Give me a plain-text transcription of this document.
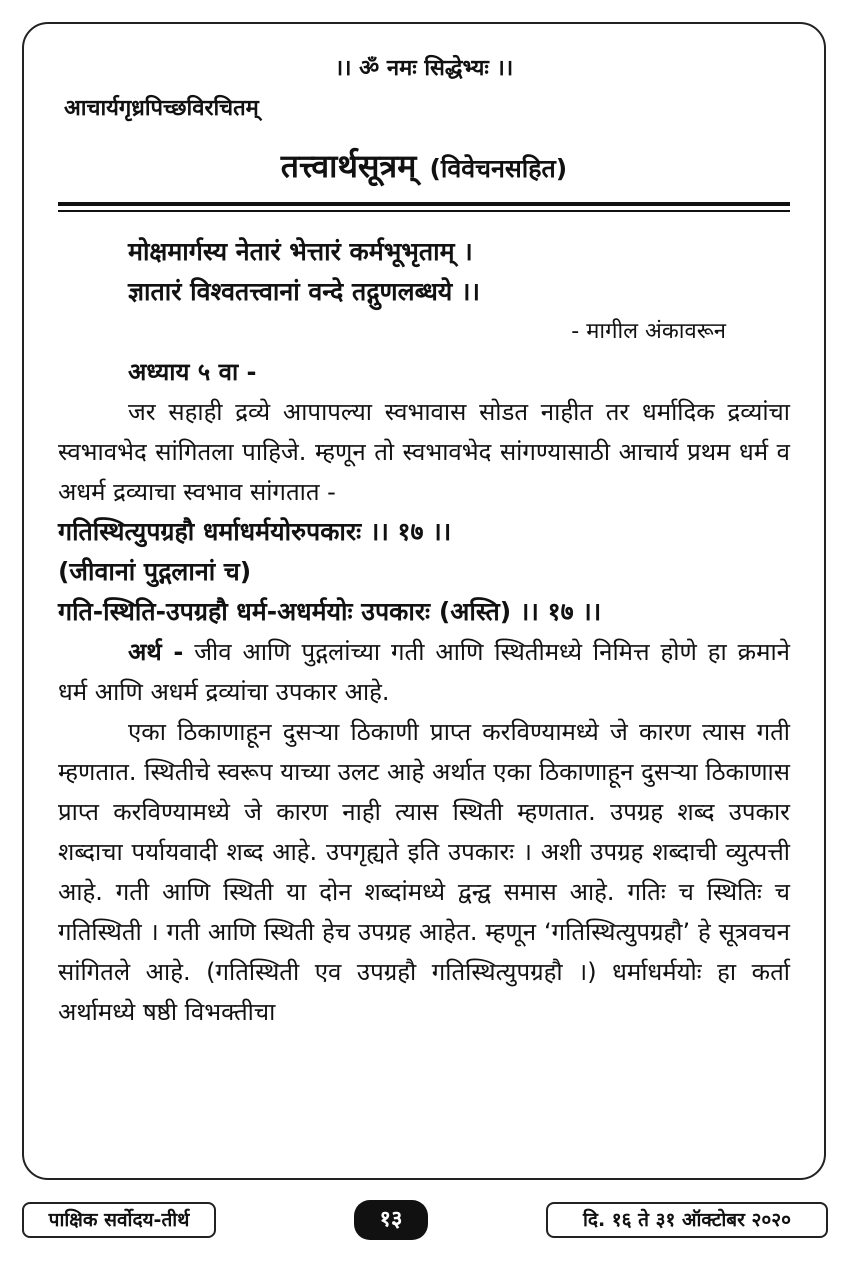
।। ॐ नमः सिद्धेभ्यः ।।
आचार्यगृध्रपिच्छविरचितम्
तत्त्वार्थसूत्रम् (विवेचनसहित)

मोक्षमार्गस्य नेतारं भेत्तारं कर्मभूभृताम् ।

ज्ञातारं विश्वतत्त्वानां वन्दे तद्गुणलब्धये ।।

- मागील अंकावरून

अध्याय ५ वा -

जर सहाही द्रव्ये आपापल्या स्वभावास सोडत नाहीत तर धर्मादिक द्रव्यांचा स्वभावभेद सांगितला पाहिजे. म्हणून तो स्वभावभेद सांगण्यासाठी आचार्य प्रथम धर्म व अधर्म द्रव्याचा स्वभाव सांगतात -

गतिस्थित्युपग्रहौ धर्माधर्मयोरुपकारः ।। १७ ।।

(जीवानां पुद्गलानां च)

गति-स्थिति-उपग्रहौ धर्म-अधर्मयोः उपकारः (अस्ति) ।। १७ ।।

अर्थ - जीव आणि पुद्गलांच्या गती आणि स्थितीमध्ये निमित्त होणे हा क्रमाने धर्म आणि अधर्म द्रव्यांचा उपकार आहे.

एका ठिकाणाहून दुसऱ्या ठिकाणी प्राप्त करविण्यामध्ये जे कारण त्यास गती म्हणतात. स्थितीचे स्वरूप याच्या उलट आहे अर्थात एका ठिकाणाहून दुसऱ्या ठिकाणास प्राप्त करविण्यामध्ये जे कारण नाही त्यास स्थिती म्हणतात. उपग्रह शब्द उपकार शब्दाचा पर्यायवादी शब्द आहे. उपगृह्यते इति उपकारः । अशी उपग्रह शब्दाची व्युत्पत्ती आहे. गती आणि स्थिती या दोन शब्दांमध्ये द्वन्द्व समास आहे. गतिः च स्थितिः च गतिस्थिती । गती आणि स्थिती हेच उपग्रह आहेत. म्हणून ‘गतिस्थित्युपग्रहौ’ हे सूत्रवचन सांगितले आहे. (गतिस्थिती एव उपग्रहौ गतिस्थित्युपग्रहौ ।) धर्माधर्मयोः हा कर्ता अर्थामध्ये षष्ठी विभक्तीचा

पाक्षिक सर्वोदय-तीर्थ	१३	दि. १६ ते ३१ ऑक्टोबर २०२०
